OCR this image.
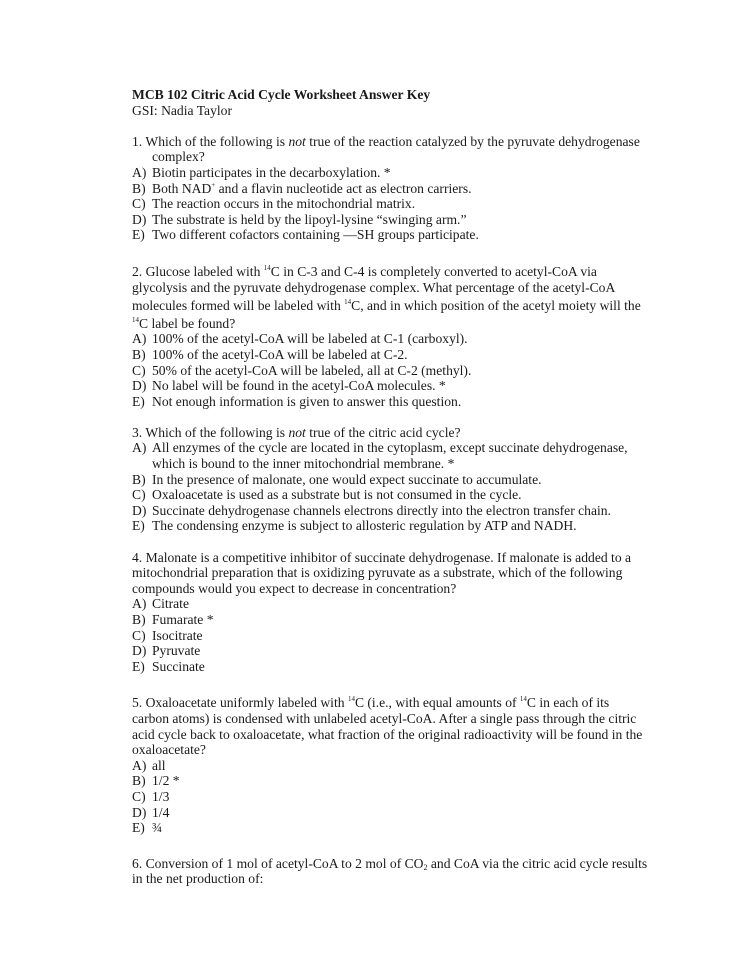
MCB 102 Citric Acid Cycle Worksheet Answer Key
GSI: Nadia Taylor
1. Which of the following is not true of the reaction catalyzed by the pyruvate dehydrogenase
complex?
A) Biotin participates in the decarboxylation. *
B) Both NAD+ and a flavin nucleotide act as electron carriers.
C) The reaction occurs in the mitochondrial matrix.
D) The substrate is held by the lipoyl-lysine “swinging arm.”
E) Two different cofactors containing —SH groups participate.
2. Glucose labeled with $^{14}$C in C-3 and C-4 is completely converted to acetyl-CoA via
glycolysis and the pyruvate dehydrogenase complex. What percentage of the acetyl-CoA
molecules formed will be labeled with $^{14}$C, and in which position of the acetyl moiety will the
$^{14}$C label be found?
A) 100% of the acetyl-CoA will be labeled at C-1 (carboxyl).
B) 100% of the acetyl-CoA will be labeled at C-2.
C) 50% of the acetyl-CoA will be labeled, all at C-2 (methyl).
D) No label will be found in the acetyl-CoA molecules. *
E) Not enough information is given to answer this question.
3. Which of the following is not true of the citric acid cycle?
A) All enzymes of the cycle are located in the cytoplasm, except succinate dehydrogenase, which is bound to the inner mitochondrial membrane. *
B) In the presence of malonate, one would expect succinate to accumulate.
C) Oxaloacetate is used as a substrate but is not consumed in the cycle.
D) Succinate dehydrogenase channels electrons directly into the electron transfer chain.
E) The condensing enzyme is subject to allosteric regulation by ATP and NADH.
4. Malonate is a competitive inhibitor of succinate dehydrogenase. If malonate is added to a mitochondrial preparation that is oxidizing pyruvate as a substrate, which of the following compounds would you expect to decrease in concentration?
A) Citrate
B) Fumarate *
C) Isocitrate
D) Pyruvate
E) Succinate
5. Oxaloacetate uniformly labeled with $^{14}$C (i.e., with equal amounts of $^{14}$C in each of its
carbon atoms) is condensed with unlabeled acetyl-CoA. After a single pass through the citric
acid cycle back to oxaloacetate, what fraction of the original radioactivity will be found in the
oxaloacetate?
A) all
B) 1/2 *
C) 1/3
D) 1/4
E) ¾
6. Conversion of 1 mol of acetyl-CoA to 2 mol of $CO_2$ and CoA via the citric acid cycle results in the net production of:
